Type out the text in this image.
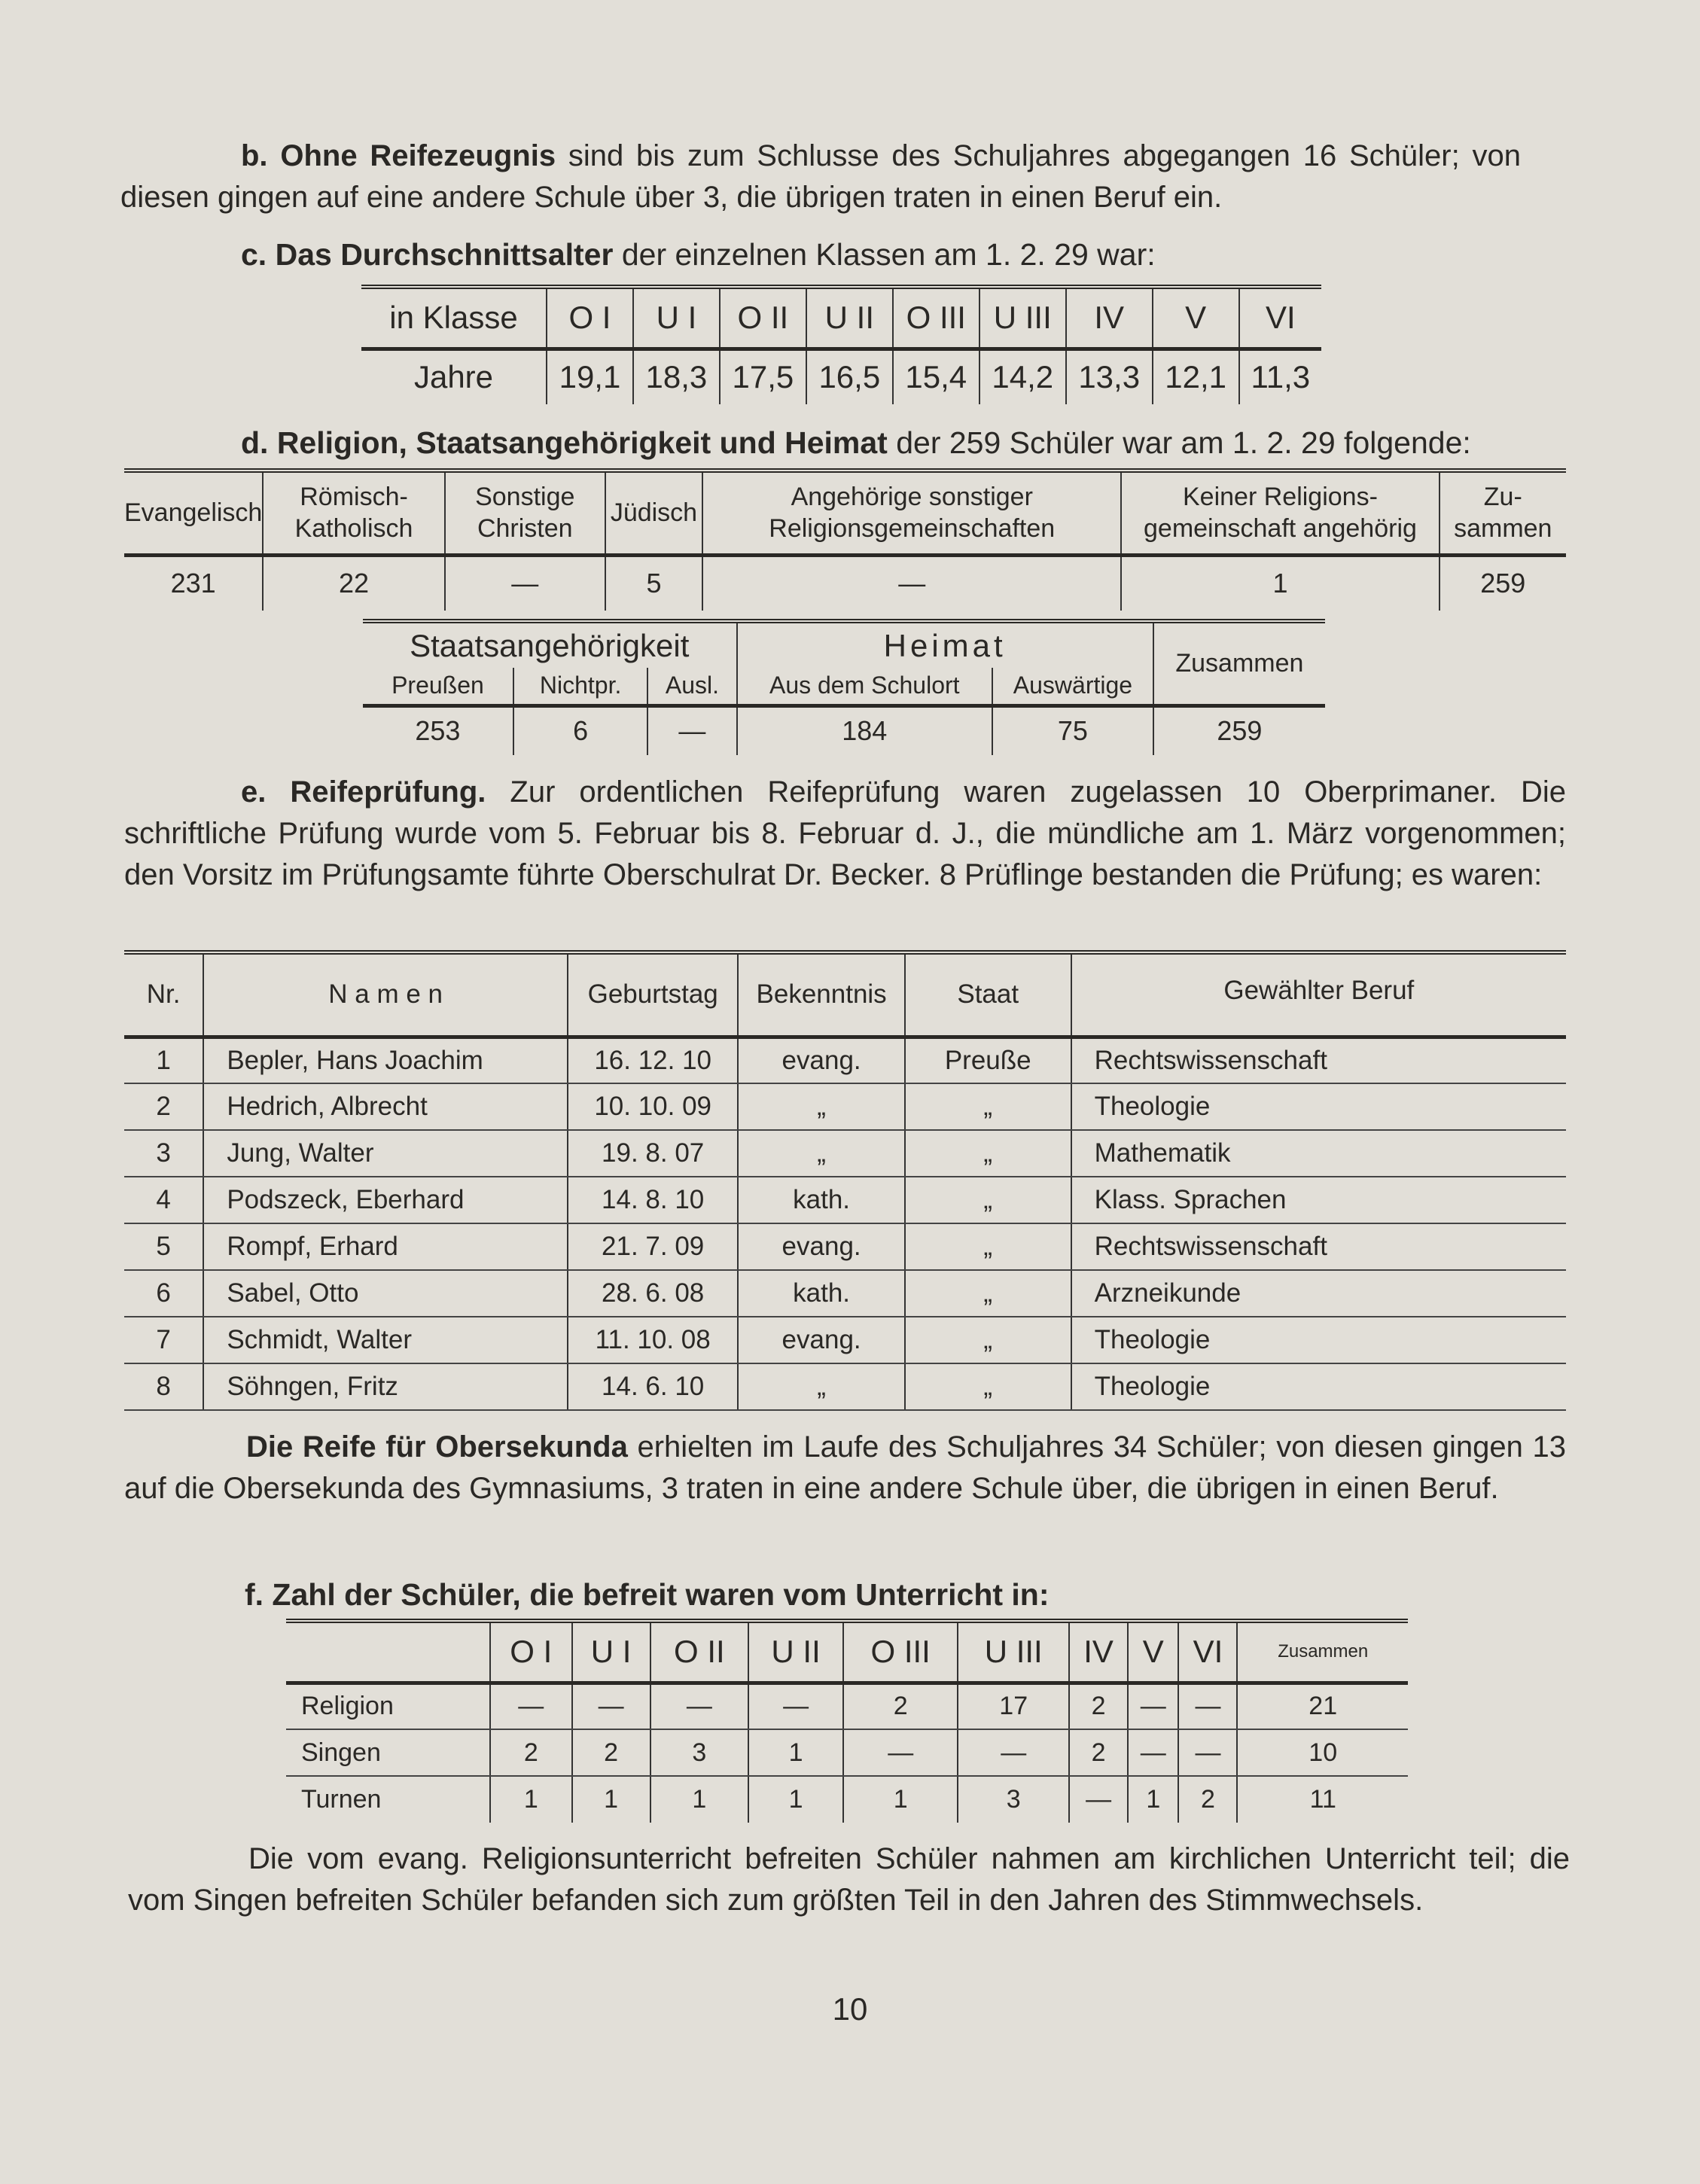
b. Ohne Reifezeugnis sind bis zum Schlusse des Schuljahres abgegangen 16 Schüler; von diesen gingen auf eine andere Schule über 3, die übrigen traten in einen Beruf ein.
c. Das Durchschnittsalter der einzelnen Klassen am 1. 2. 29 war:
in Klasse	O I	U I	O II	U II	O III	U III	IV	V	VI
Jahre	19,1	18,3	17,5	16,5	15,4	14,2	13,3	12,1	11,3
d. Religion, Staatsangehörigkeit und Heimat der 259 Schüler war am 1. 2. 29 folgende:
Evangelisch	Römisch-Katholisch	Sonstige Christen	Jüdisch	Angehörige sonstiger Religionsgemeinschaften	Keiner Religions-gemeinschaft angehörig	Zu-sammen
231	22	—	5	—	1	259
Staatsangehörigkeit			Heimat		Zusammen
Preußen	Nichtpr.	Ausl.	Aus dem Schulort	Auswärtige	
253	6	—	184	75	259
e. Reifeprüfung. Zur ordentlichen Reifeprüfung waren zugelassen 10 Oberprimaner. Die schriftliche Prüfung wurde vom 5. Februar bis 8. Februar d. J., die mündliche am 1. März vorgenommen; den Vorsitz im Prüfungsamte führte Oberschulrat Dr. Becker. 8 Prüflinge bestanden die Prüfung; es waren:
Nr.	N a m e n	Geburtstag	Bekenntnis	Staat	Gewählter Beruf
1	Bepler, Hans Joachim	16. 12. 10	evang.	Preuße	Rechtswissenschaft
2	Hedrich, Albrecht	10. 10. 09	„	„	Theologie
3	Jung, Walter	19. 8. 07	„	„	Mathematik
4	Podszeck, Eberhard	14. 8. 10	kath.	„	Klass. Sprachen
5	Rompf, Erhard	21. 7. 09	evang.	„	Rechtswissenschaft
6	Sabel, Otto	28. 6. 08	kath.	„	Arzneikunde
7	Schmidt, Walter	11. 10. 08	evang.	„	Theologie
8	Söhngen, Fritz	14. 6. 10	„	„	Theologie
Die Reife für Obersekunda erhielten im Laufe des Schuljahres 34 Schüler; von diesen gingen 13 auf die Obersekunda des Gymnasiums, 3 traten in eine andere Schule über, die übrigen in einen Beruf.
f. Zahl der Schüler, die befreit waren vom Unterricht in:
	O I	U I	O II	U II	O III	U III	IV	V	VI	Zusammen
Religion	—	—	—	—	2	17	2	—	—	21
Singen	2	2	3	1	—	—	2	—	—	10
Turnen	1	1	1	1	1	3	—	1	2	11
Die vom evang. Religionsunterricht befreiten Schüler nahmen am kirchlichen Unterricht teil; die vom Singen befreiten Schüler befanden sich zum größten Teil in den Jahren des Stimmwechsels.
10
